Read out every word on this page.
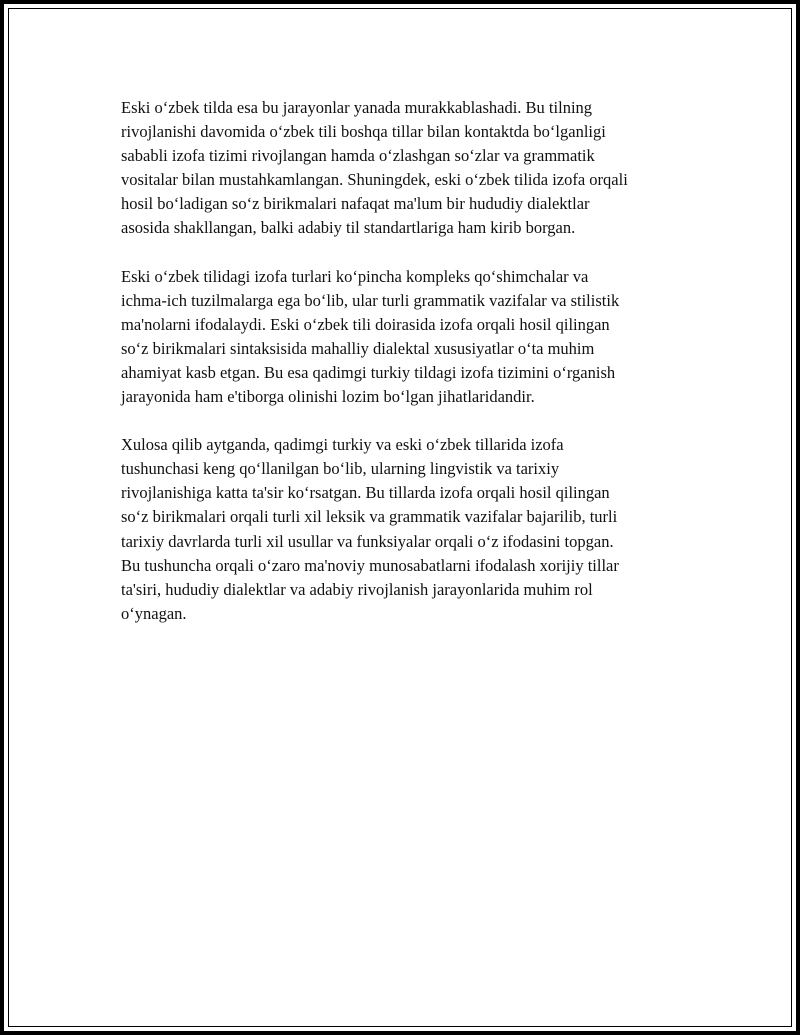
Eski oʻzbek tilda esa bu jarayonlar yanada murakkablashadi. Bu tilning
rivojlanishi davomida oʻzbek tili boshqa tillar bilan kontaktda boʻlganligi
sababli izofa tizimi rivojlangan hamda oʻzlashgan soʻzlar va grammatik
vositalar bilan mustahkamlangan. Shuningdek, eski oʻzbek tilida izofa orqali
hosil boʻladigan soʻz birikmalari nafaqat ma'lum bir hududiy dialektlar
asosida shakllangan, balki adabiy til standartlariga ham kirib borgan.

Eski oʻzbek tilidagi izofa turlari koʻpincha kompleks qoʻshimchalar va
ichma-ich tuzilmalarga ega boʻlib, ular turli grammatik vazifalar va stilistik
ma'nolarni ifodalaydi. Eski oʻzbek tili doirasida izofa orqali hosil qilingan
soʻz birikmalari sintaksisida mahalliy dialektal xususiyatlar oʻta muhim
ahamiyat kasb etgan. Bu esa qadimgi turkiy tildagi izofa tizimini oʻrganish
jarayonida ham e'tiborga olinishi lozim boʻlgan jihatlaridandir.

Xulosa qilib aytganda, qadimgi turkiy va eski oʻzbek tillarida izofa
tushunchasi keng qoʻllanilgan boʻlib, ularning lingvistik va tarixiy
rivojlanishiga katta ta'sir koʻrsatgan. Bu tillarda izofa orqali hosil qilingan
soʻz birikmalari orqali turli xil leksik va grammatik vazifalar bajarilib, turli
tarixiy davrlarda turli xil usullar va funksiyalar orqali oʻz ifodasini topgan.
Bu tushuncha orqali oʻzaro ma'noviy munosabatlarni ifodalash xorijiy tillar
ta'siri, hududiy dialektlar va adabiy rivojlanish jarayonlarida muhim rol
oʻynagan.
